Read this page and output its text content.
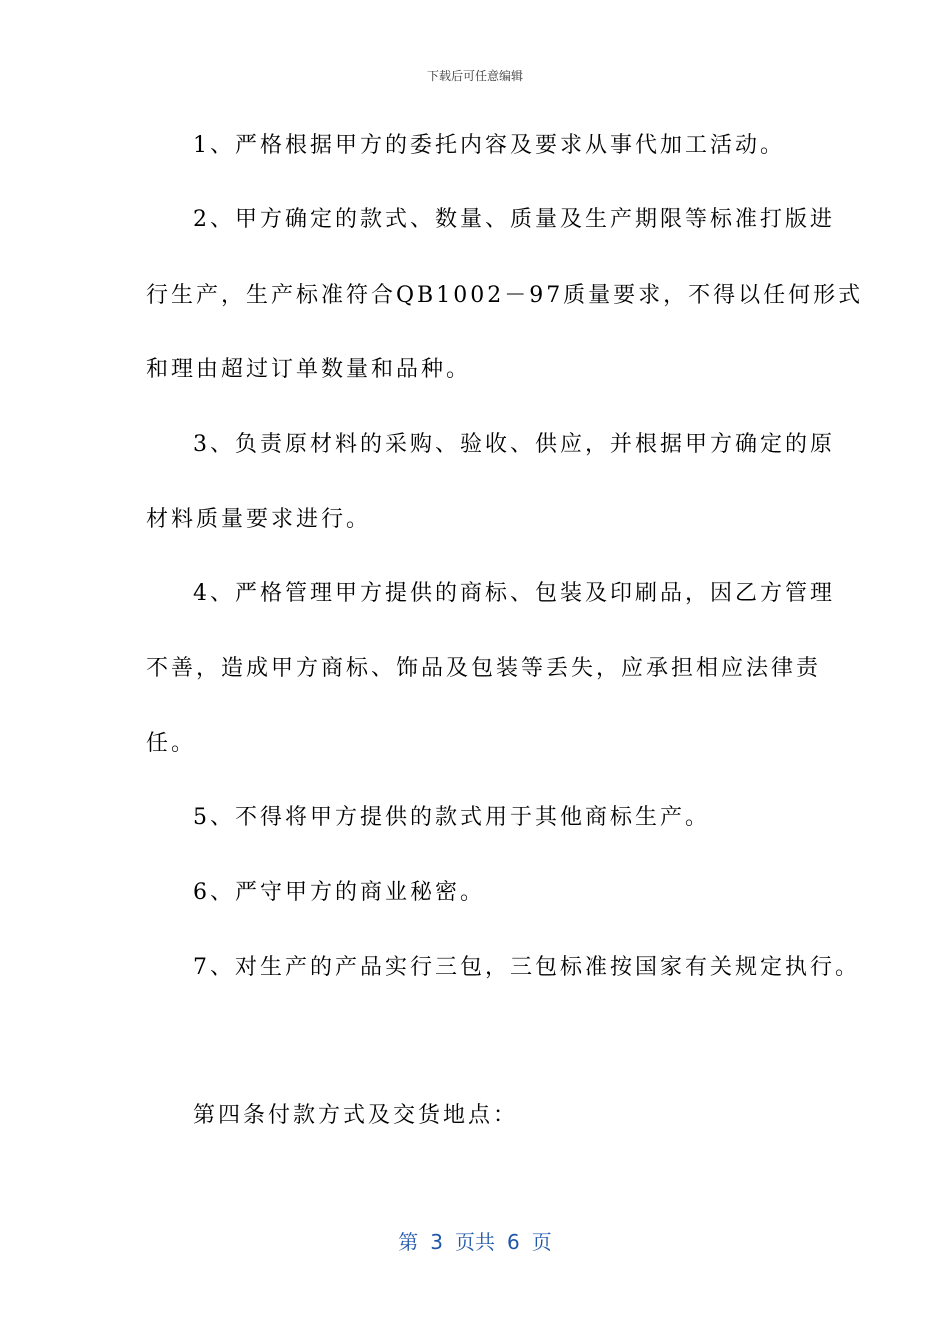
下载后可任意编辑
1、严格根据甲方的委托内容及要求从事代加工活动。
2、甲方确定的款式、数量、质量及生产期限等标准打版进
行生产，生产标准符合QB1002－97质量要求，不得以任何形式
和理由超过订单数量和品种。
3、负责原材料的采购、验收、供应，并根据甲方确定的原
材料质量要求进行。
4、严格管理甲方提供的商标、包装及印刷品，因乙方管理
不善，造成甲方商标、饰品及包装等丢失，应承担相应法律责
任。
5、不得将甲方提供的款式用于其他商标生产。
6、严守甲方的商业秘密。
7、对生产的产品实行三包，三包标准按国家有关规定执行。
第四条付款方式及交货地点：
第 3 页共 6 页
